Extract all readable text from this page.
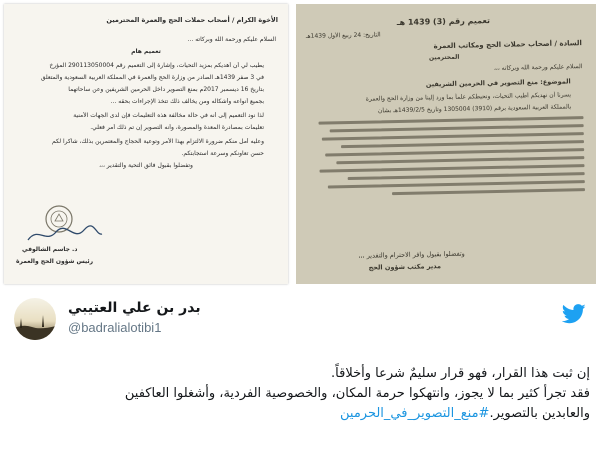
الأخوة الكرام / أصحاب حملات الحج والعمرة المحترمين
السلام عليكم ورحمة الله وبركاته ...
تعميم هام
يطيب لي أن أهديكم بمزيد التحيات، وإشارة إلى التعميم رقم 290113050004 المؤرخ
في 3 صفر 1439هـ الصادر من وزارة الحج والعمرة في المملكة العربية السعودية والمتعلق
بتاريخ 16 ديسمبر 2017م بمنع التصوير داخل الحرمين الشريفين وعن ساحاتهما
بجميع أنواعه وأشكاله ومن يخالف ذلك تتخذ الإجراءات بحقه ...
لذا نود التعميم إلى أنه في حالة مخالفة هذه التعليمات فإن لدى الجهات الأمنية
تعليمات بمصادرة المعدة والمصورة، وأنه التصوير إن تم ذلك أمر فعلي.
وعليه أمل منكم ضرورة الالتزام بهذا الأمر وتوعية الحجاج والمعتمرين بذلك، شاكراً لكم
حسن تعاونكم وسرعة استجابتكم.
وتفضلوا بقبول فائق التحية والتقدير ،،،
د. جاسم الشالوفي
رئيس شؤون الحج والعمرة
تعميم رقم (3) 1439 هـ
التاريخ: 24 ربيع الأول 1439هـ
السادة / أصحاب حملات الحج ومكاتب العمرة
المحترمين
السلام عليكم ورحمة الله وبركاته ،،،
الموضوع: منع التصوير في الحرمين الشريفين
يسرنا أن نهديكم أطيب التحيات، ونحيطكم علماً بما ورد إلينا من وزارة الحج والعمرة
بالمملكة العربية السعودية برقم (3910) 1305004 وتاريخ 1439/2/5هـ بشأن
وتفضلوا بقبول وافر الاحترام والتقدير ،،،
مدير مكتب شؤون الحج
بدر بن علي العتيبي
@badralialotibi1
إن ثبت هذا القرار، فهو قرار سليمٌ شرعا وأخلاقاً.
فقد تجرأ كثير بما لا يجوز، وانتهكوا حرمة المكان، والخصوصية الفردية، وأشغلوا العاكفين
والعابدين بالتصوير.#منع_التصوير_في_الحرمين
